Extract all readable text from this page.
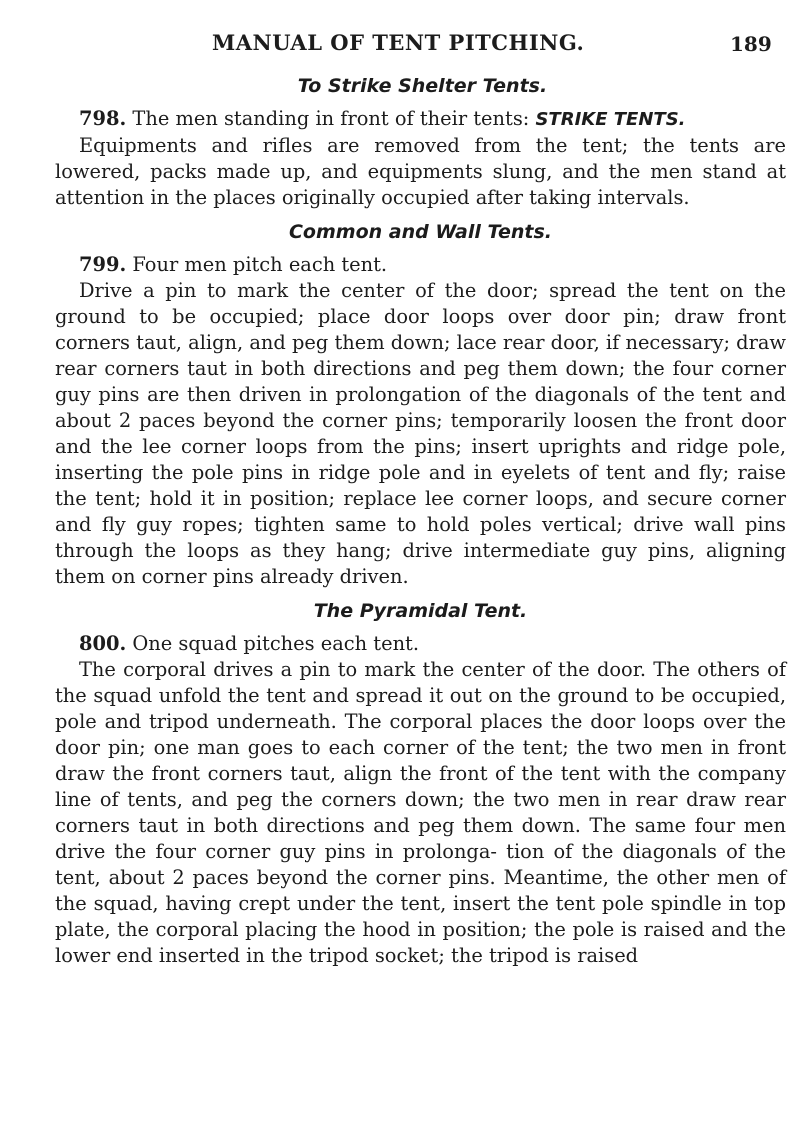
MANUAL OF TENT PITCHING.	189
To Strike Shelter Tents.

798. The men standing in front of their tents: STRIKE TENTS.

Equipments and rifles are removed from the tent; the tents are lowered, packs made up, and equipments slung, and the men stand at attention in the places originally occupied after taking intervals.

Common and Wall Tents.

799. Four men pitch each tent.

Drive a pin to mark the center of the door; spread the tent on the ground to be occupied; place door loops over door pin; draw front corners taut, align, and peg them down; lace rear door, if necessary; draw rear corners taut in both directions and peg them down; the four corner guy pins are then driven in prolongation of the diagonals of the tent and about 2 paces beyond the corner pins; temporarily loosen the front door and the lee corner loops from the pins; insert uprights and ridge pole, inserting the pole pins in ridge pole and in eyelets of tent and fly; raise the tent; hold it in position; replace lee corner loops, and secure corner and fly guy ropes; tighten same to hold poles vertical; drive wall pins through the loops as they hang; drive intermediate guy pins, aligning them on corner pins already driven.

The Pyramidal Tent.

800. One squad pitches each tent.

The corporal drives a pin to mark the center of the door. The others of the squad unfold the tent and spread it out on the ground to be occupied, pole and tripod underneath. The corporal places the door loops over the door pin; one man goes to each corner of the tent; the two men in front draw the front corners taut, align the front of the tent with the company line of tents, and peg the corners down; the two men in rear draw rear corners taut in both directions and peg them down. The same four men drive the four corner guy pins in prolonga- tion of the diagonals of the tent, about 2 paces beyond the corner pins. Meantime, the other men of the squad, having crept under the tent, insert the tent pole spindle in top plate, the corporal placing the hood in position; the pole is raised and the lower end inserted in the tripod socket; the tripod is raised
